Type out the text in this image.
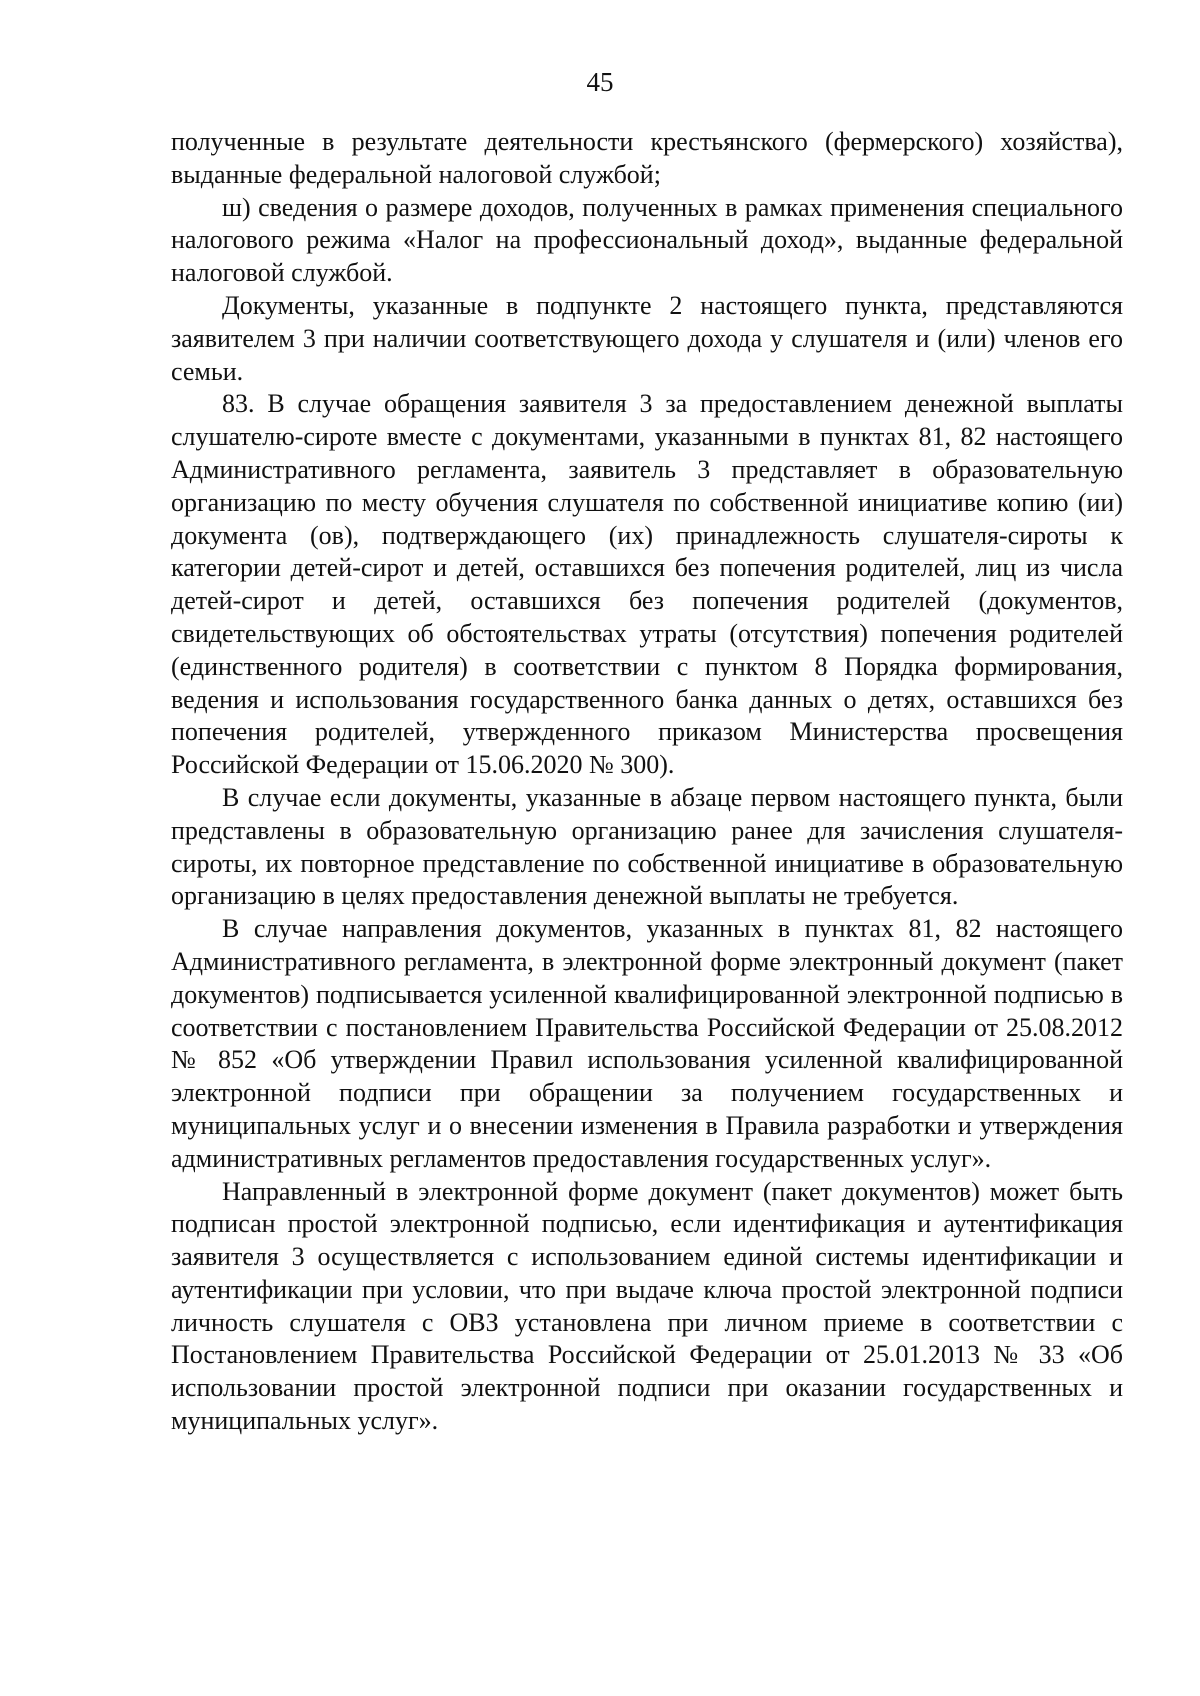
45

полученные в результате деятельности крестьянского (фермерского) хозяйства), выданные федеральной налоговой службой;

ш) сведения о размере доходов, полученных в рамках применения специального налогового режима «Налог на профессиональный доход», выданные федеральной налоговой службой.

Документы, указанные в подпункте 2 настоящего пункта, представляются заявителем 3 при наличии соответствующего дохода у слушателя и (или) членов его семьи.

83. В случае обращения заявителя 3 за предоставлением денежной выплаты слушателю-сироте вместе с документами, указанными в пунктах 81, 82 настоящего Административного регламента, заявитель 3 представляет в образовательную организацию по месту обучения слушателя по собственной инициативе копию (ии) документа (ов), подтверждающего (их) принадлежность слушателя-сироты к категории детей-сирот и детей, оставшихся без попечения родителей, лиц из числа детей-сирот и детей, оставшихся без попечения родителей (документов, свидетельствующих об обстоятельствах утраты (отсутствия) попечения родителей (единственного родителя) в соответствии с пунктом 8 Порядка формирования, ведения и использования государственного банка данных о детях, оставшихся без попечения родителей, утвержденного приказом Министерства просвещения Российской Федерации от 15.06.2020 № 300).

В случае если документы, указанные в абзаце первом настоящего пункта, были представлены в образовательную организацию ранее для зачисления слушателя-сироты, их повторное представление по собственной инициативе в образовательную организацию в целях предоставления денежной выплаты не требуется.

В случае направления документов, указанных в пунктах 81, 82 настоящего Административного регламента, в электронной форме электронный документ (пакет документов) подписывается усиленной квалифицированной электронной подписью в соответствии с постановлением Правительства Российской Федерации от 25.08.2012 № 852 «Об утверждении Правил использования усиленной квалифицированной электронной подписи при обращении за получением государственных и муниципальных услуг и о внесении изменения в Правила разработки и утверждения административных регламентов предоставления государственных услуг».

Направленный в электронной форме документ (пакет документов) может быть подписан простой электронной подписью, если идентификация и аутентификация заявителя 3 осуществляется с использованием единой системы идентификации и аутентификации при условии, что при выдаче ключа простой электронной подписи личность слушателя с ОВЗ установлена при личном приеме в соответствии с Постановлением Правительства Российской Федерации от 25.01.2013 № 33 «Об использовании простой электронной подписи при оказании государственных и муниципальных услуг».
